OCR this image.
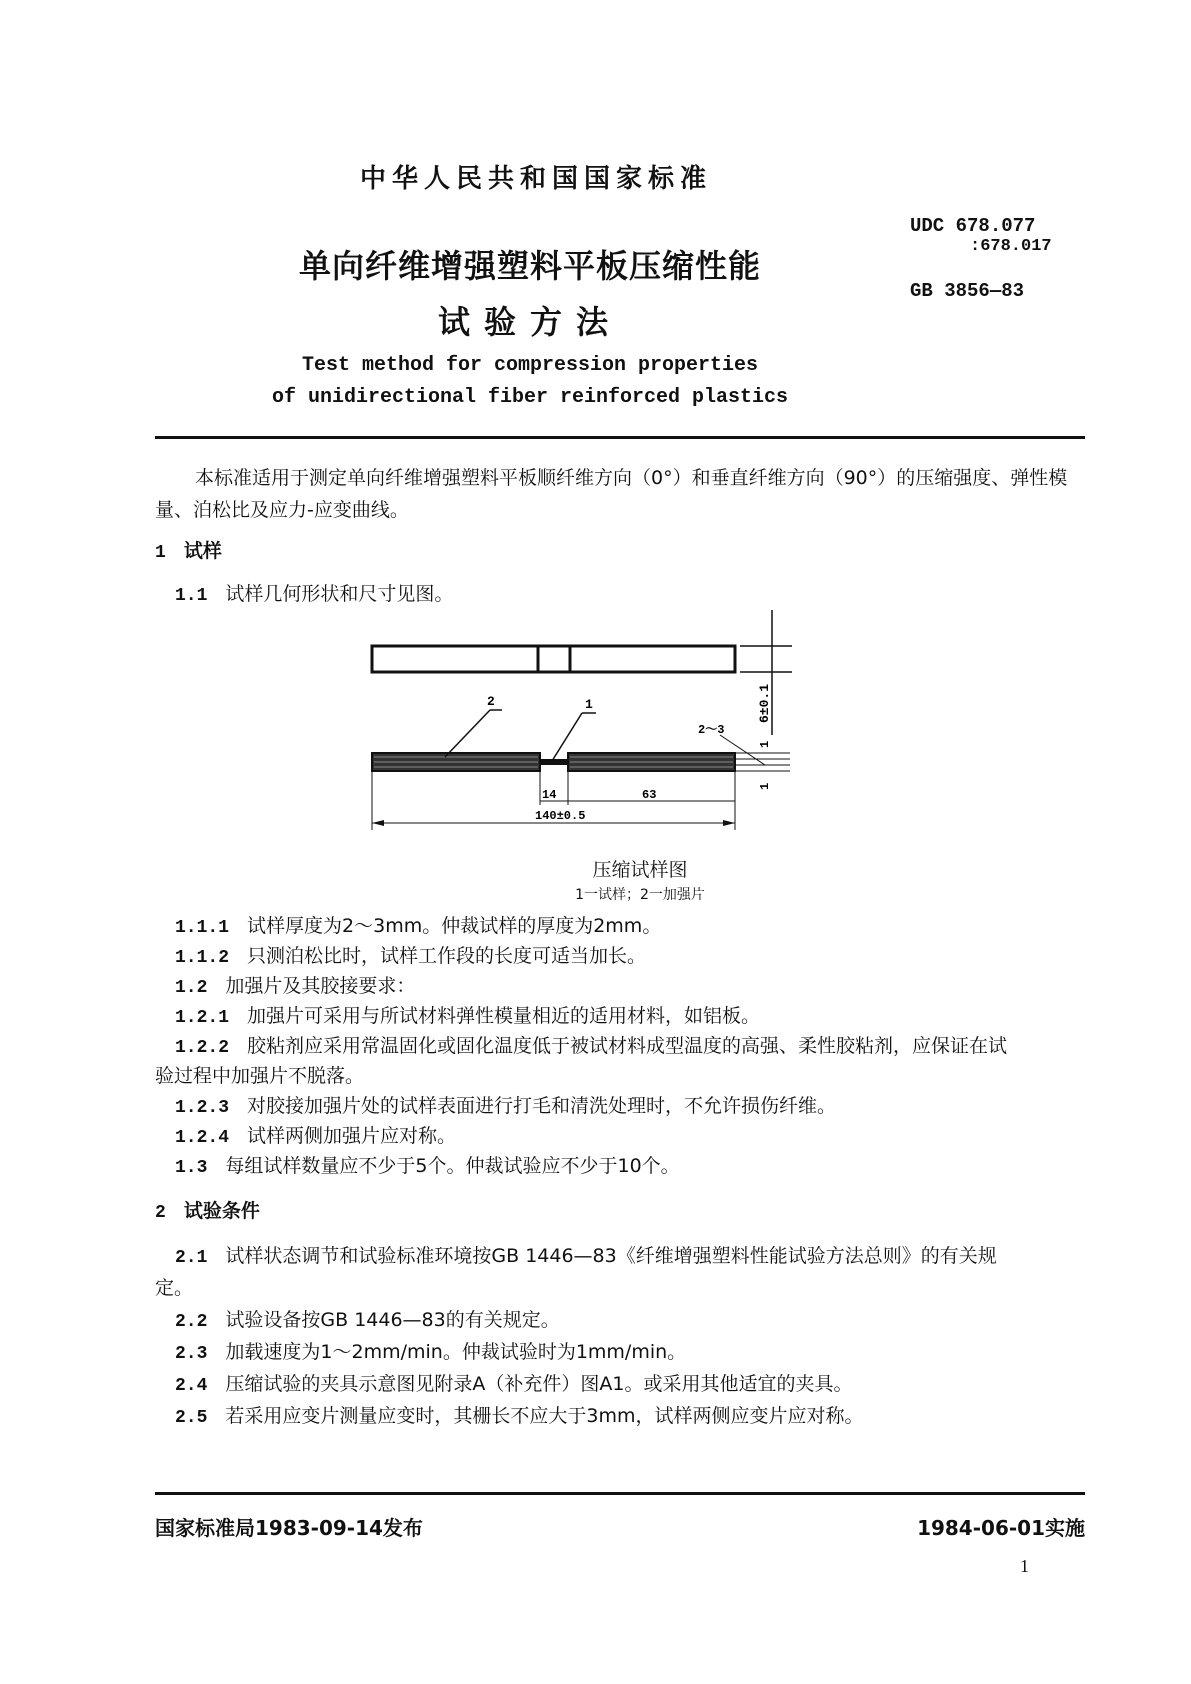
中华人民共和国国家标准
UDC 678.077
:678.017
GB 3856—83
单向纤维增强塑料平板压缩性能
试验方法
Test method for compression properties
of unidirectional fiber reinforced plastics
本标准适用于测定单向纤维增强塑料平板顺纤维方向（0°）和垂直纤维方向（90°）的压缩强度、弹性模量、泊松比及应力-应变曲线。
1 试样
1.1 试样几何形状和尺寸见图。
6±0.1
2	1
2～3
1
1
14	63
140±0.5
压缩试样图
1一试样；2一加强片
1.1.1 试样厚度为2～3mm。仲裁试样的厚度为2mm。
1.1.2 只测泊松比时，试样工作段的长度可适当加长。
1.2 加强片及其胶接要求：
1.2.1 加强片可采用与所试材料弹性模量相近的适用材料，如铝板。
1.2.2 胶粘剂应采用常温固化或固化温度低于被试材料成型温度的高强、柔性胶粘剂，应保证在试
验过程中加强片不脱落。
1.2.3 对胶接加强片处的试样表面进行打毛和清洗处理时，不允许损伤纤维。
1.2.4 试样两侧加强片应对称。
1.3 每组试样数量应不少于5个。仲裁试验应不少于10个。
2 试验条件
2.1 试样状态调节和试验标准环境按GB 1446—83《纤维增强塑料性能试验方法总则》的有关规
定。
2.2 试验设备按GB 1446—83的有关规定。
2.3 加载速度为1～2mm/min。仲裁试验时为1mm/min。
2.4 压缩试验的夹具示意图见附录A（补充件）图A1。或采用其他适宜的夹具。
2.5 若采用应变片测量应变时，其栅长不应大于3mm，试样两侧应变片应对称。
国家标准局1983-09-14发布	1984-06-01实施
1
